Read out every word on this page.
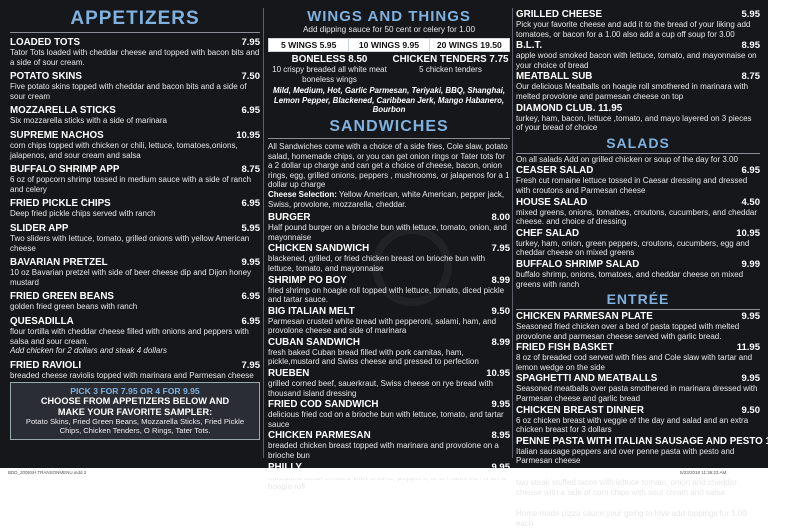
APPETIZERS
LOADED TOTS	7.95
Tator Tots loaded with cheddar cheese and topped with bacon bits and a side of sour cream.
POTATO SKINS	7.50
Five potato skins topped with cheddar and bacon bits and a side of sour cream
MOZZARELLA STICKS	6.95
Six mozzarella sticks with a side of marinara
SUPREME NACHOS	10.95
corn chips topped with chicken or chili, lettuce, tomatoes,onions, jalapenos, and sour cream and salsa
BUFFALO SHRIMP APP	8.75
6 oz of popcorn shrimp tossed in medium sauce with a side of ranch and celery
FRIED PICKLE CHIPS	6.95
Deep fried pickle chips served with ranch
SLIDER APP	5.95
Two sliders with lettuce, tomato, grilled onions with yellow American cheese
BAVARIAN PRETZEL	9.95
10 oz Bavarian pretzel with side of beer cheese dip and Dijon honey mustard
FRIED GREEN BEANS	6.95
golden fried green beans with ranch
QUESADILLA	6.95
flour tortilla with cheddar cheese filled with onions and peppers with salsa and sour cream.
Add chicken for 2 dollars and steak 4 dollars
FRIED RAVIOLI	7.95
breaded cheese raviolis topped with marinara and Parmesan cheese
PICK 3 FOR 7.95 OR 4 FOR 9.95
CHOOSE FROM APPETIZERS BELOW AND
MAKE YOUR FAVORITE SAMPLER:
Potato Skins, Fried Green Beans, Mozzarella Sticks, Fried Pickle Chips, Chicken Tenders, O Rings, Tater Tots.
WINGS AND THINGS
Add dipping sauce for 50 cent or celery for 1.00
5 WINGS 5.95	10 WINGS 9.95	20 WINGS 19.50
BONELESS 8.50
10 crispy breaded all white meat boneless wings
CHICKEN TENDERS 7.75
5 chicken tenders
Mild, Medium, Hot, Garlic Parmesan, Teriyaki, BBQ, Shanghai, Lemon Pepper, Blackened, Caribbean Jerk, Mango Habanero, Bourbon
SANDWICHES
All Sandwiches come with a choice of a side fries, Cole slaw, potato salad, homemade chips, or you can get onion rings or Tater tots for a 2 dollar up charge and can get a choice of cheese, bacon, onion rings, egg, grilled onions, peppers , mushrooms, or jalapenos for a 1 dollar up charge
Cheese Selection: Yellow American, white American, pepper jack, Swiss, provolone, mozzarella, cheddar.
BURGER	8.00
Half pound burger on a brioche bun with lettuce, tomato, onion, and mayonnaise
CHICKEN SANDWICH	7.95
blackened, grilled, or fried chicken breast on brioche bun with lettuce, tomato, and mayonnaise
SHRIMP PO BOY	8.99
fried shrimp on hoagie roll topped with lettuce, tomato, diced pickle and tartar sauce.
BIG ITALIAN MELT	9.50
Parmesan crusted white bread with pepperoni, salami, ham, and provolone cheese and side of marinara
CUBAN SANDWICH	8.99
fresh baked Cuban bread filled with pork carnitas, ham, pickle,mustard and Swiss cheese and pressed to perfection
RUEBEN	10.95
grilled corned beef, sauerkraut, Swiss cheese on rye bread with thousand island dressing
FRIED COD SANDWICH	9.95
delicious fried cod on a brioche bun with lettuce, tomato, and tartar sauce
CHICKEN PARMESAN	8.95
breaded chicken breast topped with marinara and provolone on a brioche bun
hoagie roll
GRILLED CHEESE	5.95
Pick your favorite cheese and add it to the bread of your liking add tomatoes, or bacon for a 1.00 also add a cup off soup for 3.00
B.L.T.	8.95
apple wood smoked bacon with lettuce, tomato, and mayonnaise on your choice of bread
MEATBALL SUB	8.75
Our delicious Meatballs on hoagie roll smothered in marinara with melted provolone and parmesan cheese on top
DIAMOND CLUB. 11.95
turkey, ham, bacon, lettuce ,tomato, and mayo layered on 3 pieces of your bread of choice
SALADS
On all salads Add on grilled chicken or soup of the day for 3.00
CEASER SALAD	6.95
Fresh cut romaine lettuce tossed in Caesar dressing and dressed with croutons and Parmesan cheese
HOUSE SALAD	4.50
mixed greens, onions, tomatoes, croutons, cucumbers, and cheddar cheese. and choice of dressing
CHEF SALAD	10.95
turkey, ham, onion, green peppers, croutons, cucumbers, egg and cheddar cheese on mixed greens
BUFFALO SHRIMP SALAD	9.99
buffalo shrimp, onions, tomatoes, and cheddar cheese on mixed greens with ranch
ENTRÉE
CHICKEN PARMESAN PLATE	9.95
Seasoned fried chicken over a bed of pasta topped with melted provolone and parmesan cheese served with garlic bread.
FRIED FISH BASKET	11.95
8 oz of breaded cod served with fries and Cole slaw with tartar and lemon wedge on the side
SPAGHETTI AND MEATBALLS	9.95
Seasoned meatballs over pasta smothered in marinara dressed with Parmesan cheese and garlic bread
CHICKEN BREAST DINNER	9.50
6 oz chicken breast with veggie of the day and salad and an extra chicken breast for 3 dollars
PENNE PASTA WITH ITALIAN SAUSAGE AND PESTO 11.95
Italian sausage peppers and over penne pasta with pesto and Parmesan cheese
two steak stuffed tacos with lettuce tomato, onion and cheddar cheese with a side of corn chips with sour cream and salsa
10 IN CHEESE PIZZA. 6.95
Home made pizza sauce your going to love add toppings for 1.00 each
BDD_2005SH TRANSONMENU.indd 2	5/23/2018 11:36:23 AM
